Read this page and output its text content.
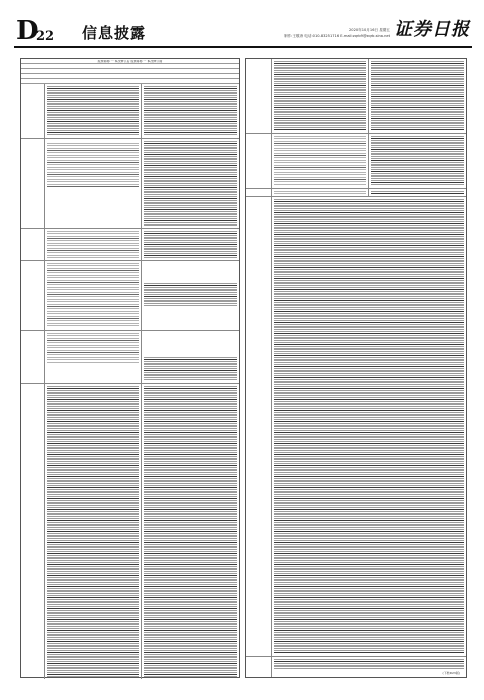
D
22 信息披露	2020年10月16日 星期五
制作:王敬涛 电话:010-83251716 E-mail:zqrb9@zqrb.sina.net 证券日报
股票简称 一 本次修订后 股票简称 一 本次修订前
(下转D23版)
